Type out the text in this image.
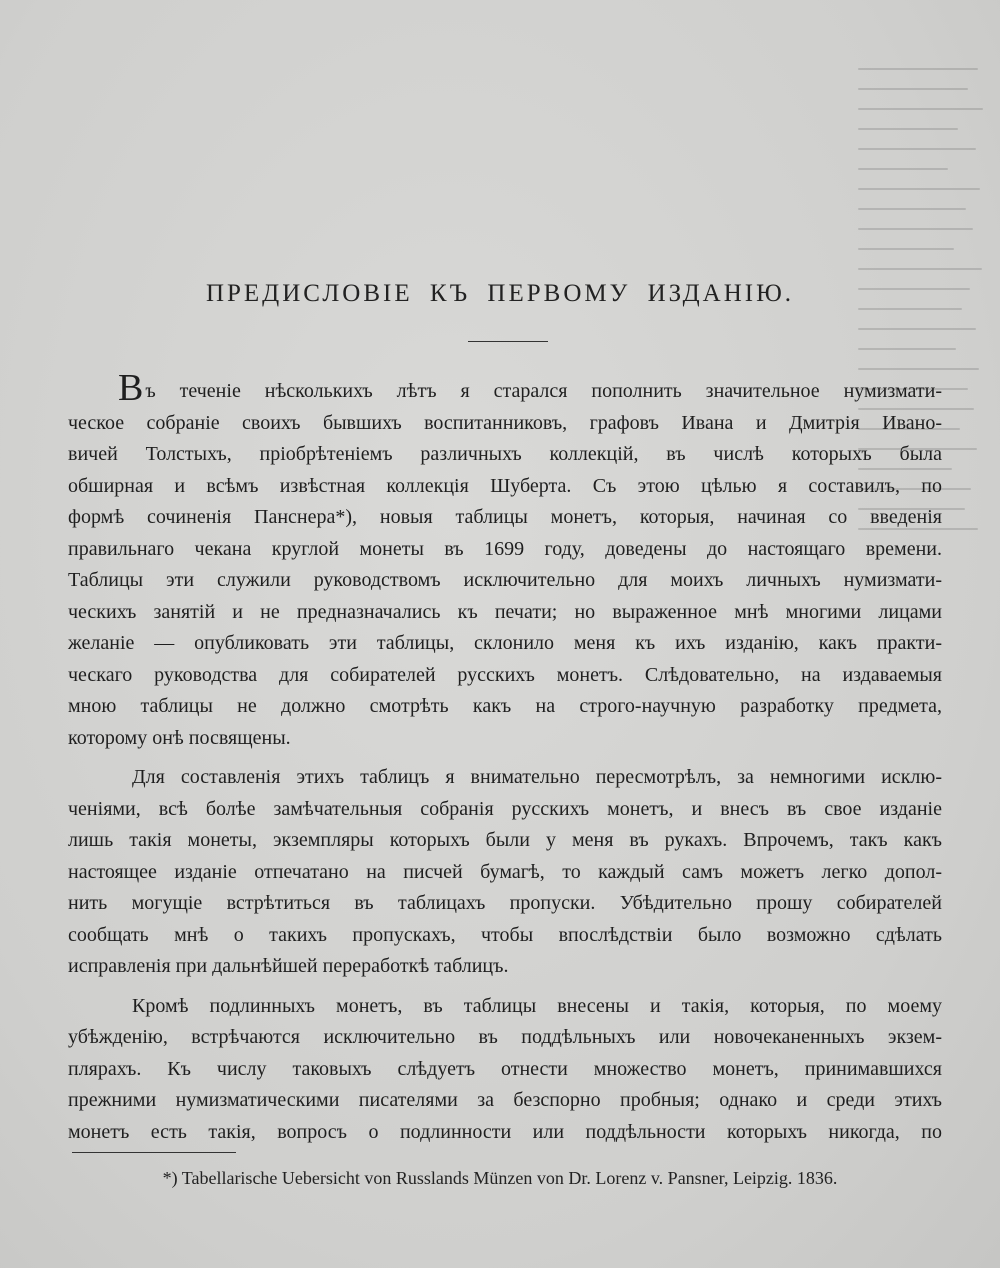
ПРЕДИСЛОВІЕ КЪ ПЕРВОМУ ИЗДАНІЮ.
Въ теченіе нѣсколькихъ лѣтъ я старался пополнить значительное нумизмати-
ческое собраніе своихъ бывшихъ воспитанниковъ, графовъ Ивана и Дмитрія Ивано-
вичей Толстыхъ, пріобрѣтеніемъ различныхъ коллекцій, въ числѣ которыхъ была
обширная и всѣмъ извѣстная коллекція Шуберта. Съ этою цѣлью я составилъ, по
формѣ сочиненія Панснера*), новыя таблицы монетъ, которыя, начиная со введенія
правильнаго чекана круглой монеты въ 1699 году, доведены до настоящаго времени.
Таблицы эти служили руководствомъ исключительно для моихъ личныхъ нумизмати-
ческихъ занятій и не предназначались къ печати; но выраженное мнѣ многими лицами
желаніе — опубликовать эти таблицы, склонило меня къ ихъ изданію, какъ практи-
ческаго руководства для собирателей русскихъ монетъ. Слѣдовательно, на издаваемыя
мною таблицы не должно смотрѣть какъ на строго-научную разработку предмета,
которому онѣ посвящены.
Для составленія этихъ таблицъ я внимательно пересмотрѣлъ, за немногими исклю-
ченіями, всѣ болѣе замѣчательныя собранія русскихъ монетъ, и внесъ въ свое изданіе
лишь такія монеты, экземпляры которыхъ были у меня въ рукахъ. Впрочемъ, такъ какъ
настоящее изданіе отпечатано на писчей бумагѣ, то каждый самъ можетъ легко допол-
нить могущіе встрѣтиться въ таблицахъ пропуски. Убѣдительно прошу собирателей
сообщать мнѣ о такихъ пропускахъ, чтобы впослѣдствіи было возможно сдѣлать
исправленія при дальнѣйшей переработкѣ таблицъ.
Кромѣ подлинныхъ монетъ, въ таблицы внесены и такія, которыя, по моему
убѣжденію, встрѣчаются исключительно въ поддѣльныхъ или новочеканенныхъ экзем-
плярахъ. Къ числу таковыхъ слѣдуетъ отнести множество монетъ, принимавшихся
прежними нумизматическими писателями за безспорно пробныя; однако и среди этихъ
монетъ есть такія, вопросъ о подлинности или поддѣльности которыхъ никогда, по
*) Tabellarische Uebersicht von Russlands Münzen von Dr. Lorenz v. Pansner, Leipzig. 1836.
